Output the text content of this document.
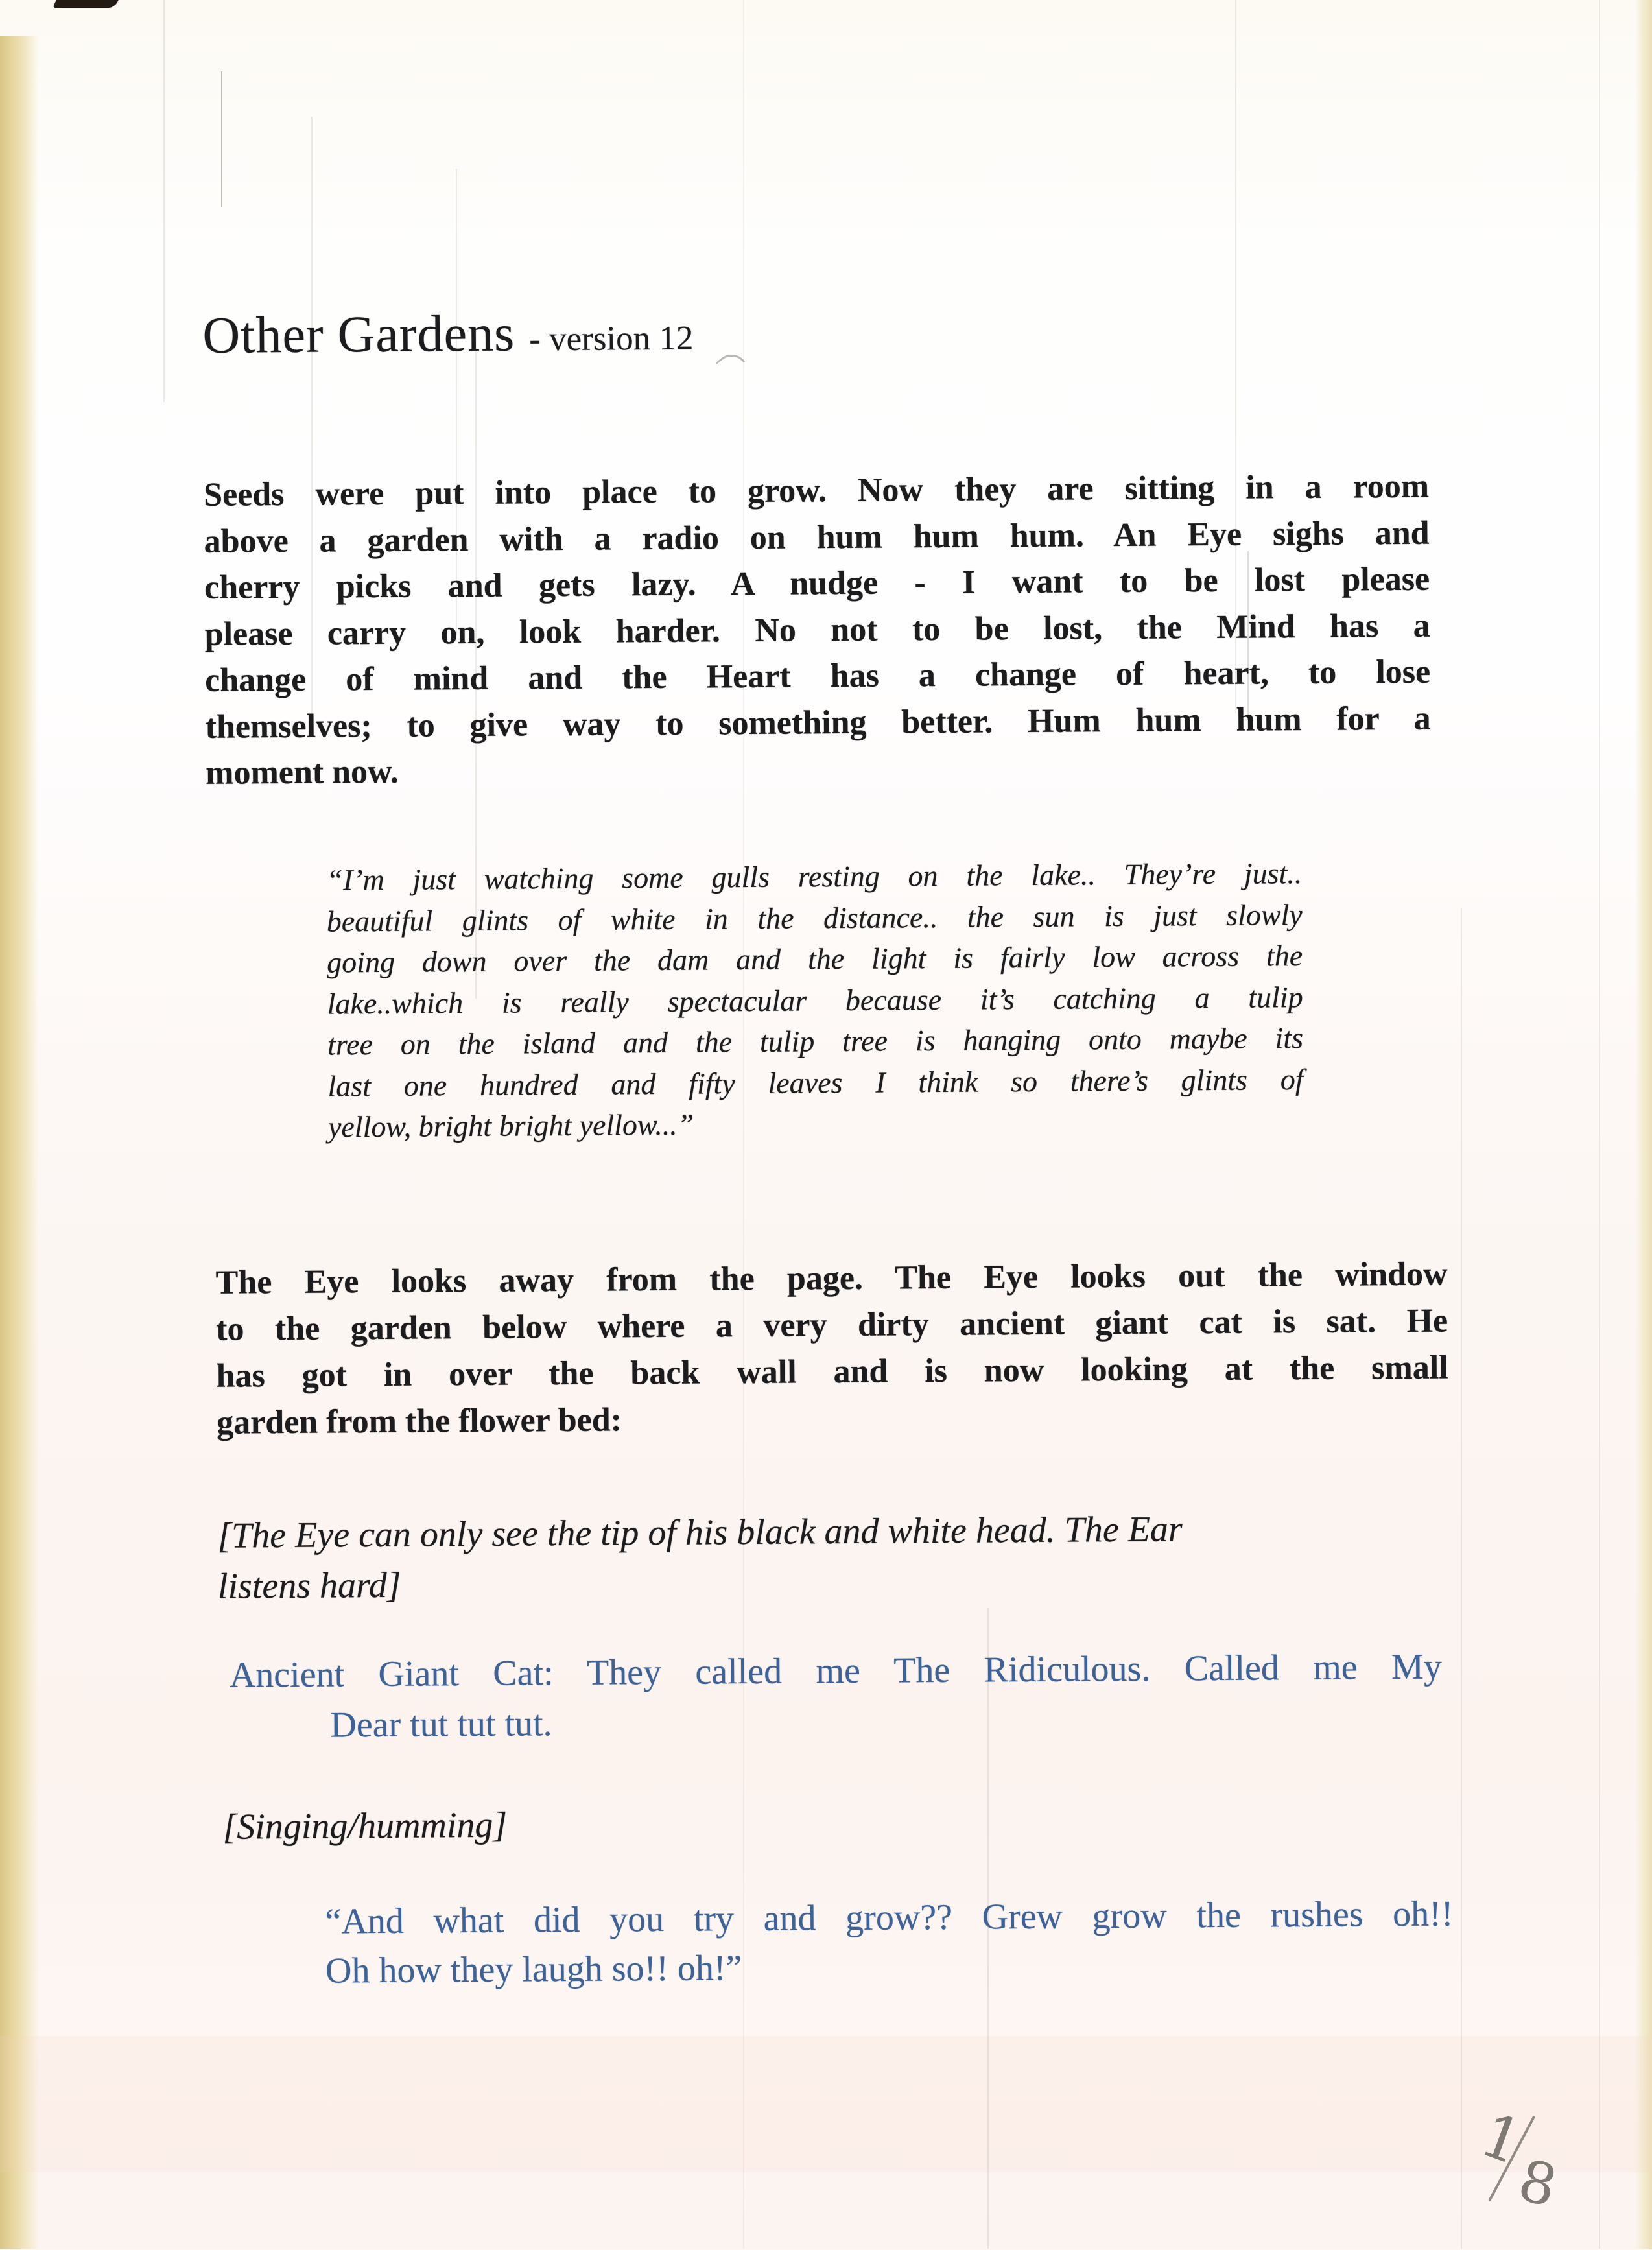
Other Gardens - version 12
Seeds were put into place to grow. Now they are sitting in a room
above a garden with a radio on hum hum hum. An Eye sighs and
cherry picks and gets lazy. A nudge - I want to be lost please
please carry on, look harder. No not to be lost, the Mind has a
change of mind and the Heart has a change of heart, to lose
themselves; to give way to something better. Hum hum hum for a
moment now.
“I’m just watching some gulls resting on the lake.. They’re just..
beautiful glints of white in the distance.. the sun is just slowly
going down over the dam and the light is fairly low across the
lake..which is really spectacular because it’s catching a tulip
tree on the island and the tulip tree is hanging onto maybe its
last one hundred and fifty leaves I think so there’s glints of
yellow, bright bright yellow...”
The Eye looks away from the page. The Eye looks out the window
to the garden below where a very dirty ancient giant cat is sat. He
has got in over the back wall and is now looking at the small
garden from the flower bed:
[The Eye can only see the tip of his black and white head. The Ear
listens hard]
Ancient Giant Cat: They called me The Ridiculous. Called me My
Dear tut tut tut.
[Singing/humming]
“And what did you try and grow?? Grew grow the rushes oh!!
Oh how they laugh so!! oh!”
1
8
